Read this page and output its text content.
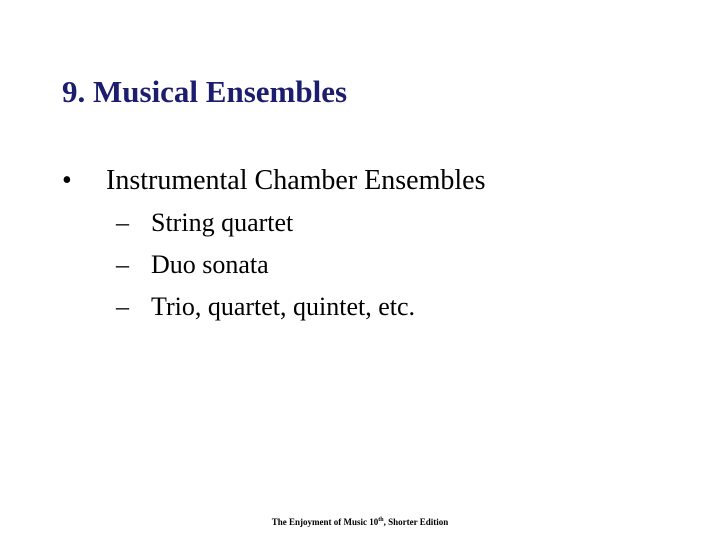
9. Musical Ensembles
• Instrumental Chamber Ensembles
– String quartet
– Duo sonata
– Trio, quartet, quintet, etc.
The Enjoyment of Music 10th, Shorter Edition
